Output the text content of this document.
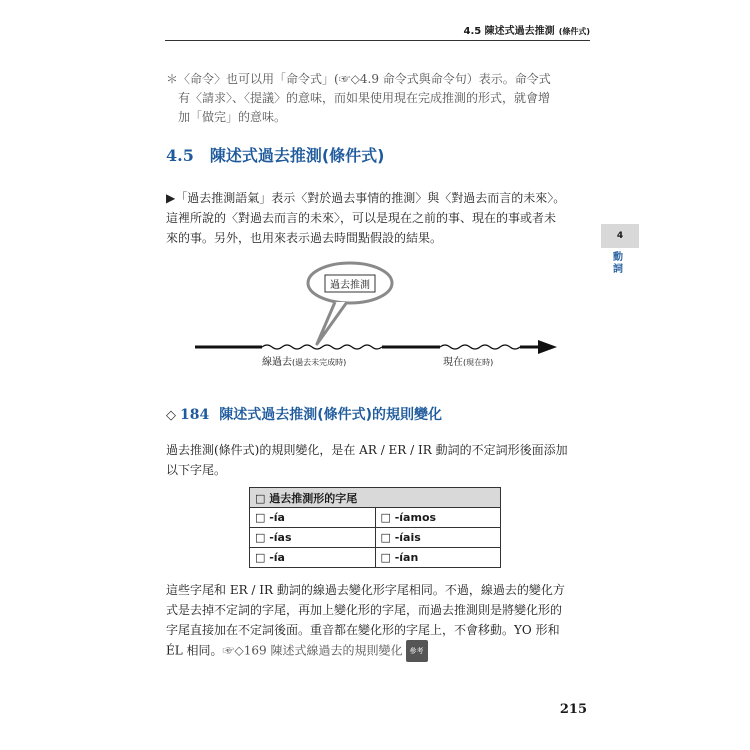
4.5 陳述式過去推測 (條件式)

＊〈命令〉也可以用「命令式」(☞◇4.9 命令式與命令句）表示。命令式

有〈請求〉、〈提議〉的意味，而如果使用現在完成推測的形式，就會增

加「做完」的意味。

4.5 陳述式過去推測(條件式)

▶「過去推測語氣」表示〈對於過去事情的推測〉與〈對過去而言的未來〉。

這裡所說的〈對過去而言的未來〉，可以是現在之前的事、現在的事或者未

來的事。另外，也用來表示過去時間點假設的結果。	4
動詞
過去推測
線過去(過去未完成時)	現在(現在時)
◇ 184 陳述式過去推測(條件式)的規則變化

過去推測(條件式)的規則變化，是在 AR / ER / IR 動詞的不定詞形後面添加

以下字尾。

□ 過去推測形的字尾	
□ -ía	□ -íamos
□ -ías	□ -íais
□ -ía	□ -ían

這些字尾和 ER / IR 動詞的線過去變化形字尾相同。不過，線過去的變化方

式是去掉不定詞的字尾，再加上變化形的字尾，而過去推測則是將變化形的

字尾直接加在不定詞後面。重音都在變化形的字尾上，不會移動。YO 形和

ÉL 相同。☞◇169 陳述式線過去的規則變化 參考

215
